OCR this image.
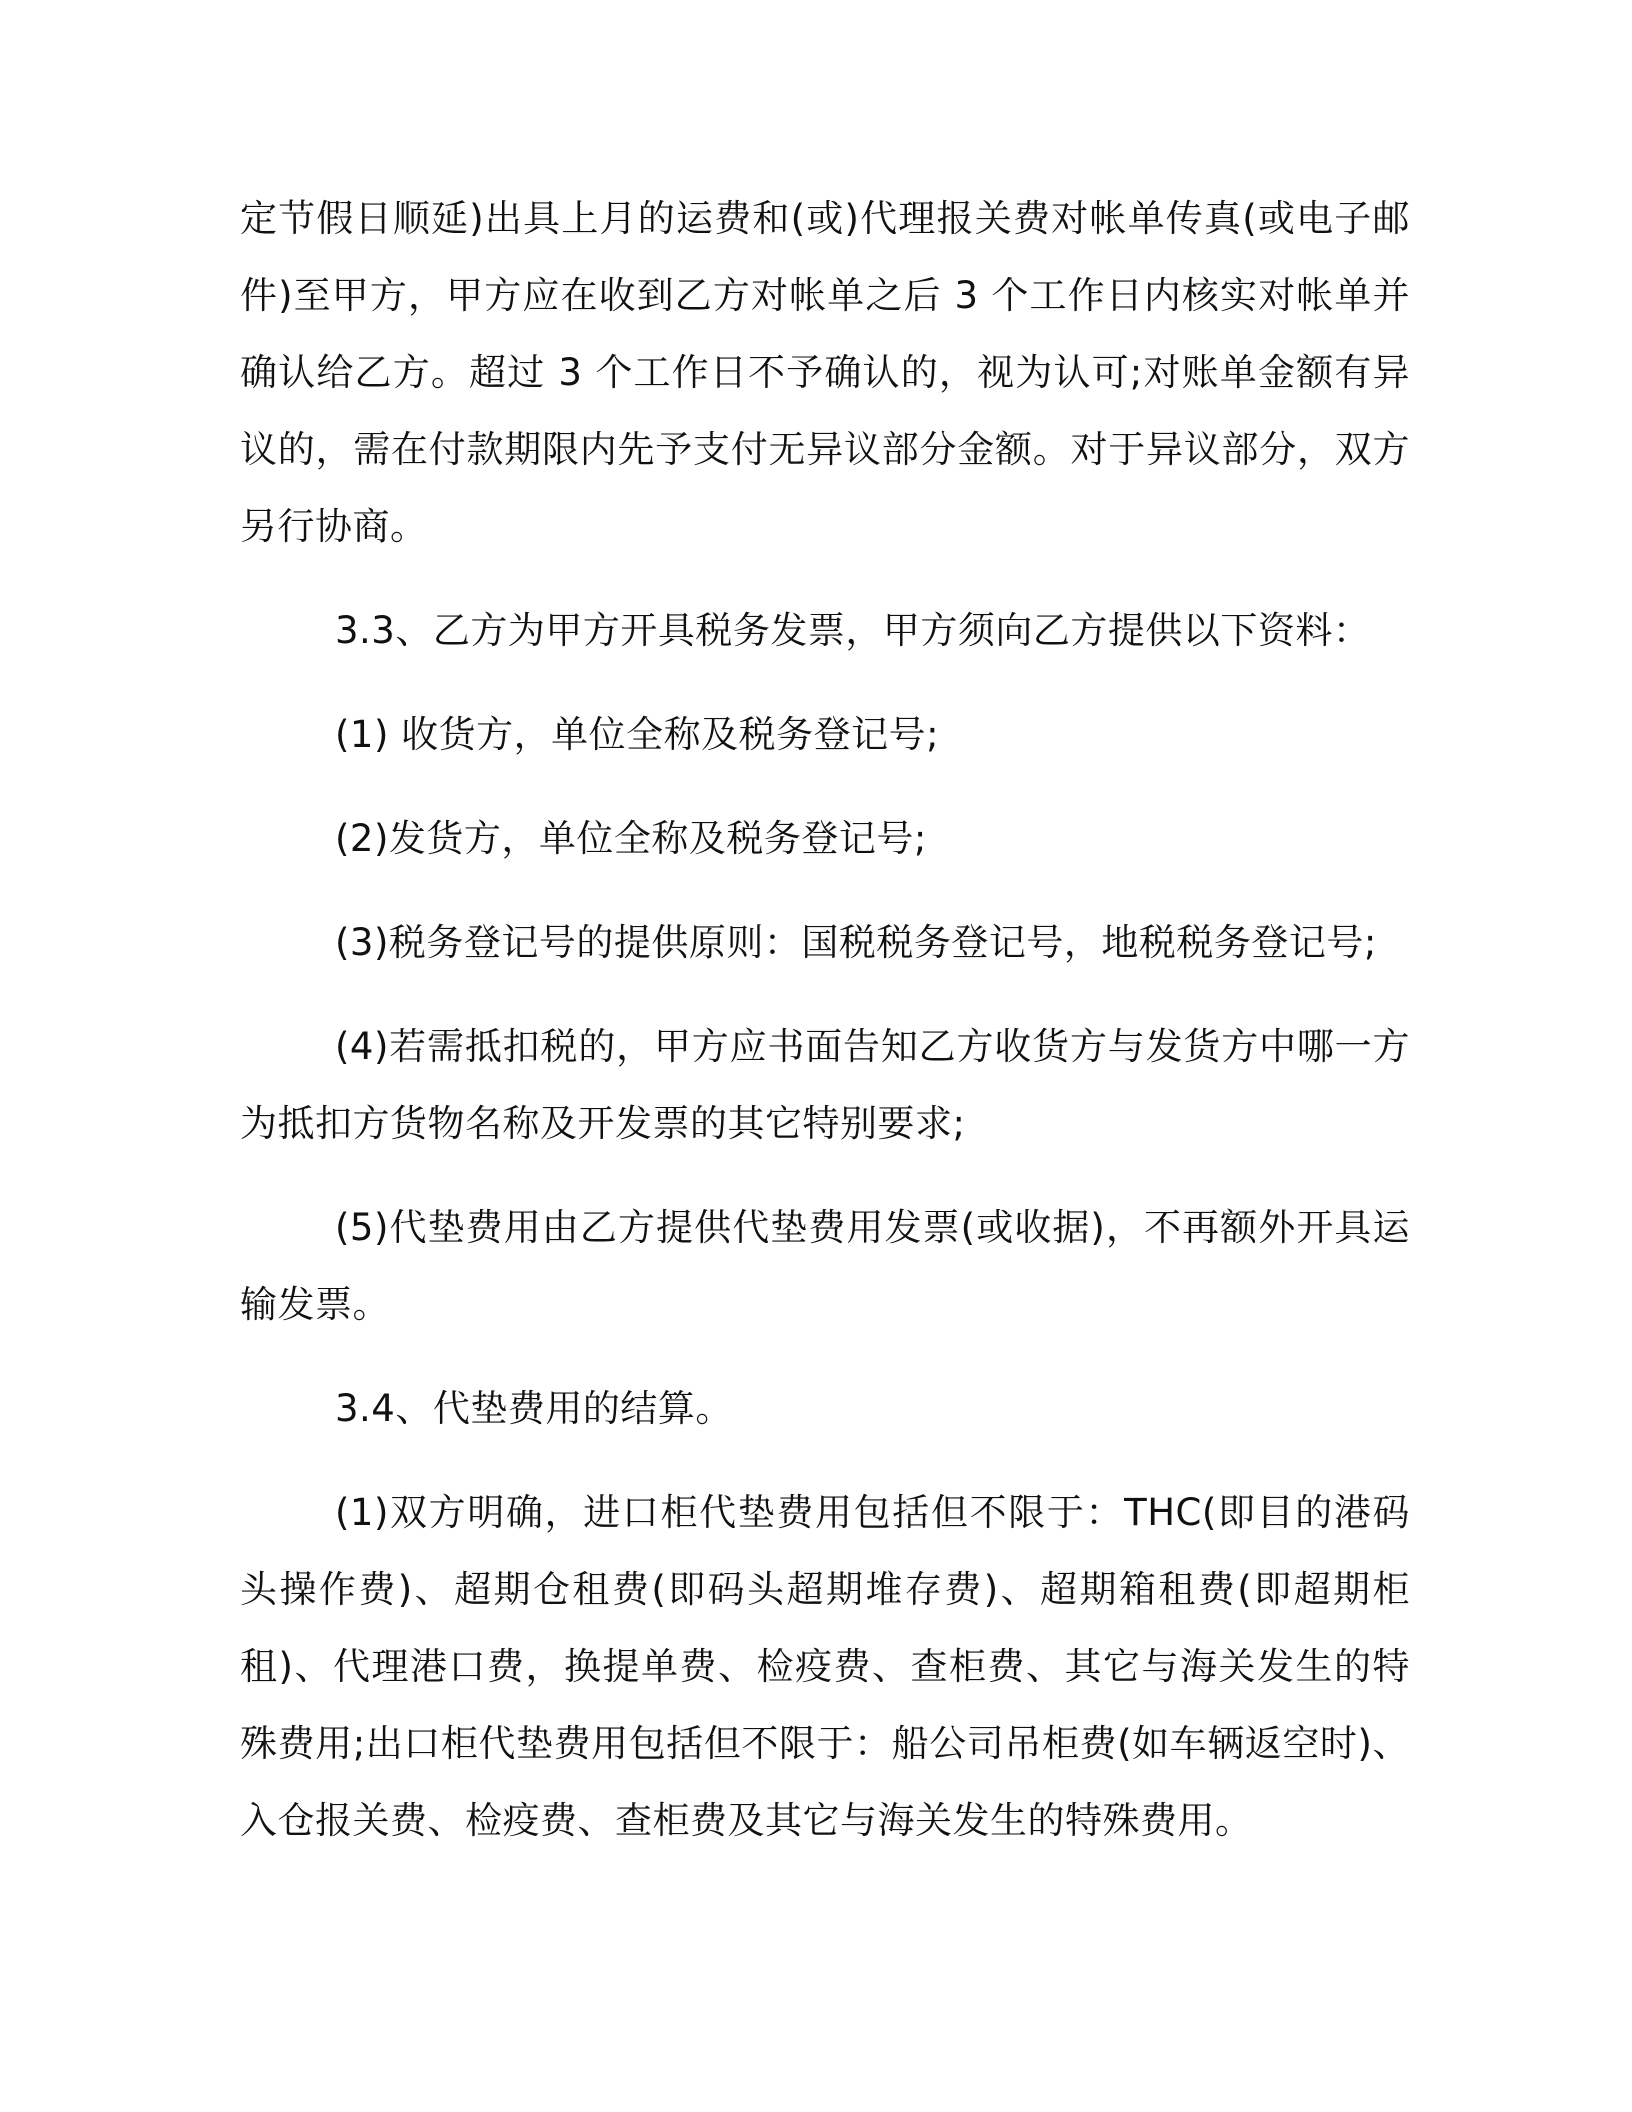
定节假日顺延)出具上月的运费和(或)代理报关费对帐单传真(或电子邮件)至甲方，甲方应在收到乙方对帐单之后 3 个工作日内核实对帐单并确认给乙方。超过 3 个工作日不予确认的，视为认可;对账单金额有异议的，需在付款期限内先予支付无异议部分金额。对于异议部分，双方另行协商。

3.3、乙方为甲方开具税务发票，甲方须向乙方提供以下资料：

(1) 收货方，单位全称及税务登记号;

(2)发货方，单位全称及税务登记号;

(3)税务登记号的提供原则：国税税务登记号，地税税务登记号;

(4)若需抵扣税的，甲方应书面告知乙方收货方与发货方中哪一方为抵扣方货物名称及开发票的其它特别要求;

(5)代垫费用由乙方提供代垫费用发票(或收据)，不再额外开具运输发票。

3.4、代垫费用的结算。

(1)双方明确，进口柜代垫费用包括但不限于：THC(即目的港码头操作费)、超期仓租费(即码头超期堆存费)、超期箱租费(即超期柜租)、代理港口费，换提单费、检疫费、查柜费、其它与海关发生的特殊费用;出口柜代垫费用包括但不限于：船公司吊柜费(如车辆返空时)、入仓报关费、检疫费、查柜费及其它与海关发生的特殊费用。
